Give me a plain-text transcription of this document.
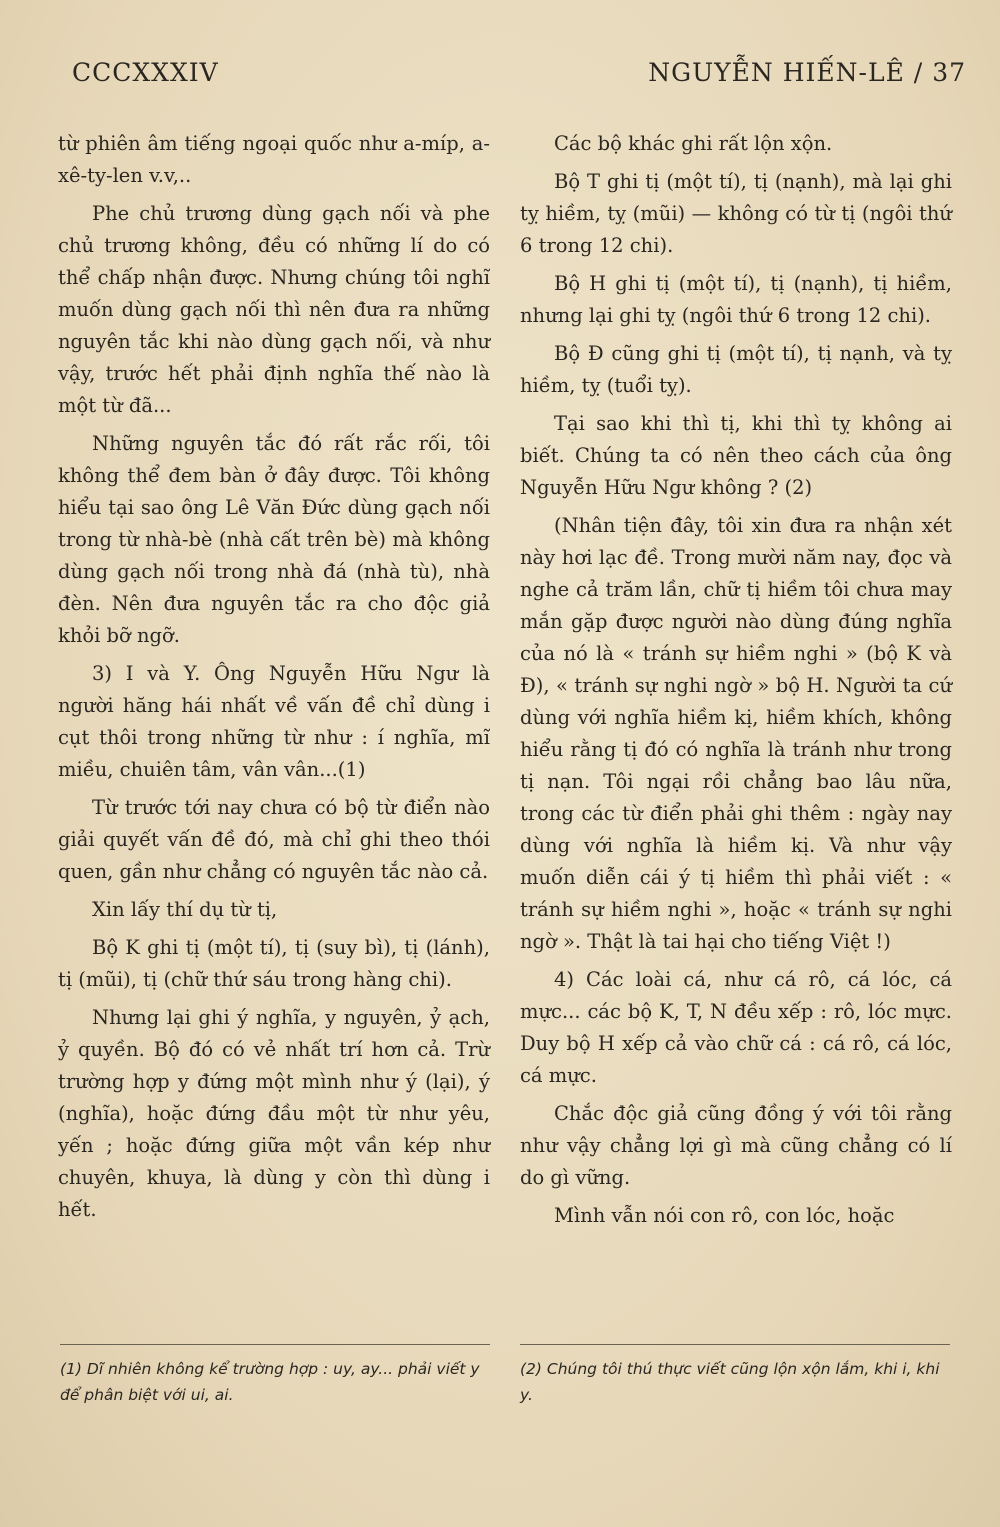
CCCXXXIV	NGUYỄN HIẾN-LÊ / 37

từ phiên âm tiếng ngoại quốc như a-míp, a-xê-ty-len v.v,..

Phe chủ trương dùng gạch nối và phe chủ trương không, đều có những lí do có thể chấp nhận được. Nhưng chúng tôi nghĩ muốn dùng gạch nối thì nên đưa ra những nguyên tắc khi nào dùng gạch nối, và như vậy, trước hết phải định nghĩa thế nào là một từ đã...

Những nguyên tắc đó rất rắc rối, tôi không thể đem bàn ở đây được. Tôi không hiểu tại sao ông Lê Văn Đức dùng gạch nối trong từ nhà-bè (nhà cất trên bè) mà không dùng gạch nối trong nhà đá (nhà tù), nhà đèn. Nên đưa nguyên tắc ra cho độc giả khỏi bỡ ngỡ.

3) I và Y. Ông Nguyễn Hữu Ngư là người hăng hái nhất về vấn đề chỉ dùng i cụt thôi trong những từ như : í nghĩa, mĩ miều, chuiên tâm, vân vân...(1)

Từ trước tới nay chưa có bộ từ điển nào giải quyết vấn đề đó, mà chỉ ghi theo thói quen, gần như chẳng có nguyên tắc nào cả.

Xin lấy thí dụ từ tị,

Bộ K ghi tị (một tí), tị (suy bì), tị (lánh), tị (mũi), tị (chữ thứ sáu trong hàng chi).

Nhưng lại ghi ý nghĩa, y nguyên, ỷ ạch, ỷ quyền. Bộ đó có vẻ nhất trí hơn cả. Trừ trường hợp y đứng một mình như ý (lại), ý (nghĩa), hoặc đứng đầu một từ như yêu, yến ; hoặc đứng giữa một vần kép như chuyên, khuya, là dùng y còn thì dùng i hết.

Các bộ khác ghi rất lộn xộn.

Bộ T ghi tị (một tí), tị (nạnh), mà lại ghi tỵ hiềm, tỵ (mũi) — không có từ tị (ngôi thứ 6 trong 12 chi).

Bộ H ghi tị (một tí), tị (nạnh), tị hiềm, nhưng lại ghi tỵ (ngôi thứ 6 trong 12 chi).

Bộ Đ cũng ghi tị (một tí), tị nạnh, và tỵ hiềm, tỵ (tuổi tỵ).

Tại sao khi thì tị, khi thì tỵ không ai biết. Chúng ta có nên theo cách của ông Nguyễn Hữu Ngư không ? (2)

(Nhân tiện đây, tôi xin đưa ra nhận xét này hơi lạc đề. Trong mười năm nay, đọc và nghe cả trăm lần, chữ tị hiềm tôi chưa may mắn gặp được người nào dùng đúng nghĩa của nó là « tránh sự hiềm nghi » (bộ K và Đ), « tránh sự nghi ngờ » bộ H. Người ta cứ dùng với nghĩa hiềm kị, hiềm khích, không hiểu rằng tị đó có nghĩa là tránh như trong tị nạn. Tôi ngại rồi chẳng bao lâu nữa, trong các từ điển phải ghi thêm : ngày nay dùng với nghĩa là hiềm kị. Và như vậy muốn diễn cái ý tị hiềm thì phải viết : « tránh sự hiềm nghi », hoặc « tránh sự nghi ngờ ». Thật là tai hại cho tiếng Việt !)

4) Các loài cá, như cá rô, cá lóc, cá mực... các bộ K, T, N đều xếp : rô, lóc mực. Duy bộ H xếp cả vào chữ cá : cá rô, cá lóc, cá mực.

Chắc độc giả cũng đồng ý với tôi rằng như vậy chẳng lợi gì mà cũng chẳng có lí do gì vững.

Mình vẫn nói con rô, con lóc, hoặc

(1) Dĩ nhiên không kể trường hợp : uy, ay... phải viết y để phân biệt với ui, ai.
(2) Chúng tôi thú thực viết cũng lộn xộn lắm, khi i, khi y.
